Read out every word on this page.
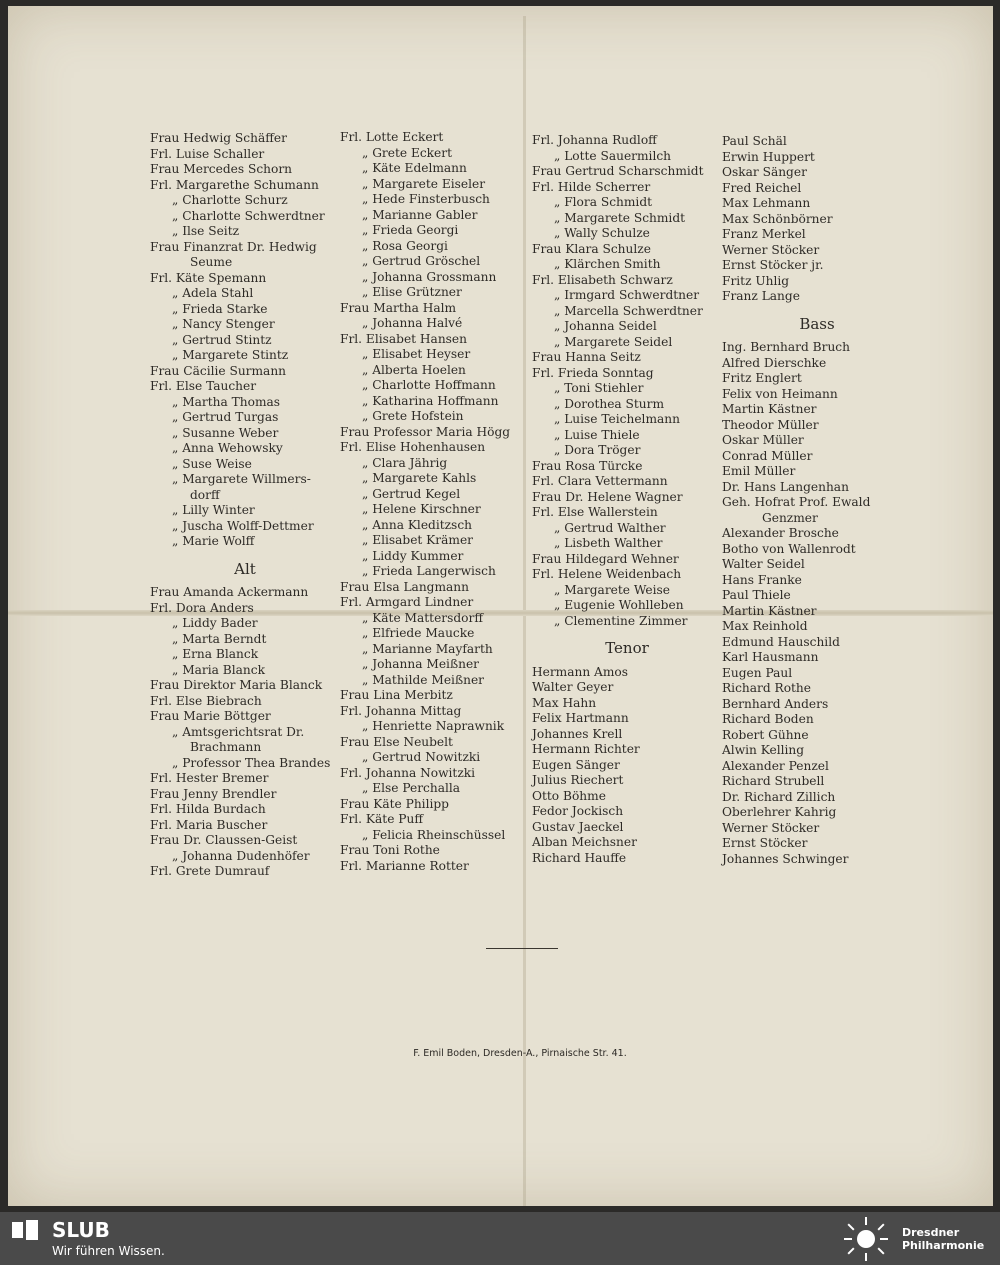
Frau Hedwig Schäffer
Frl. Luise Schaller
Frau Mercedes Schorn
Frl. Margarethe Schumann
„ Charlotte Schurz
„ Charlotte Schwerdtner
„ Ilse Seitz
Frau Finanzrat Dr. Hedwig
Seume
Frl. Käte Spemann
„ Adela Stahl
„ Frieda Starke
„ Nancy Stenger
„ Gertrud Stintz
„ Margarete Stintz
Frau Cäcilie Surmann
Frl. Else Taucher
„ Martha Thomas
„ Gertrud Turgas
„ Susanne Weber
„ Anna Wehowsky
„ Suse Weise
„ Margarete Willmers-
dorff
„ Lilly Winter
„ Juscha Wolff-Dettmer
„ Marie Wolff
Alt
Frau Amanda Ackermann
Frl. Dora Anders
„ Liddy Bader
„ Marta Berndt
„ Erna Blanck
„ Maria Blanck
Frau Direktor Maria Blanck
Frl. Else Biebrach
Frau Marie Böttger
„ Amtsgerichtsrat Dr.
Brachmann
„ Professor Thea Brandes
Frl. Hester Bremer
Frau Jenny Brendler
Frl. Hilda Burdach
Frl. Maria Buscher
Frau Dr. Claussen-Geist
„ Johanna Dudenhöfer
Frl. Grete Dumrauf
Frl. Lotte Eckert
„ Grete Eckert
„ Käte Edelmann
„ Margarete Eiseler
„ Hede Finsterbusch
„ Marianne Gabler
„ Frieda Georgi
„ Rosa Georgi
„ Gertrud Gröschel
„ Johanna Grossmann
„ Elise Grützner
Frau Martha Halm
„ Johanna Halvé
Frl. Elisabet Hansen
„ Elisabet Heyser
„ Alberta Hoelen
„ Charlotte Hoffmann
„ Katharina Hoffmann
„ Grete Hofstein
Frau Professor Maria Högg
Frl. Elise Hohenhausen
„ Clara Jährig
„ Margarete Kahls
„ Gertrud Kegel
„ Helene Kirschner
„ Anna Kleditzsch
„ Elisabet Krämer
„ Liddy Kummer
„ Frieda Langerwisch
Frau Elsa Langmann
Frl. Armgard Lindner
„ Käte Mattersdorff
„ Elfriede Maucke
„ Marianne Mayfarth
„ Johanna Meißner
„ Mathilde Meißner
Frau Lina Merbitz
Frl. Johanna Mittag
„ Henriette Naprawnik
Frau Else Neubelt
„ Gertrud Nowitzki
Frl. Johanna Nowitzki
„ Else Perchalla
Frau Käte Philipp
Frl. Käte Puff
„ Felicia Rheinschüssel
Frau Toni Rothe
Frl. Marianne Rotter
Frl. Johanna Rudloff
„ Lotte Sauermilch
Frau Gertrud Scharschmidt
Frl. Hilde Scherrer
„ Flora Schmidt
„ Margarete Schmidt
„ Wally Schulze
Frau Klara Schulze
„ Klärchen Smith
Frl. Elisabeth Schwarz
„ Irmgard Schwerdtner
„ Marcella Schwerdtner
„ Johanna Seidel
„ Margarete Seidel
Frau Hanna Seitz
Frl. Frieda Sonntag
„ Toni Stiehler
„ Dorothea Sturm
„ Luise Teichelmann
„ Luise Thiele
„ Dora Tröger
Frau Rosa Türcke
Frl. Clara Vettermann
Frau Dr. Helene Wagner
Frl. Else Wallerstein
„ Gertrud Walther
„ Lisbeth Walther
Frau Hildegard Wehner
Frl. Helene Weidenbach
„ Margarete Weise
„ Eugenie Wohlleben
„ Clementine Zimmer
Tenor
Hermann Amos
Walter Geyer
Max Hahn
Felix Hartmann
Johannes Krell
Hermann Richter
Eugen Sänger
Julius Riechert
Otto Böhme
Fedor Jockisch
Gustav Jaeckel
Alban Meichsner
Richard Hauffe
Paul Schäl
Erwin Huppert
Oskar Sänger
Fred Reichel
Max Lehmann
Max Schönbörner
Franz Merkel
Werner Stöcker
Ernst Stöcker jr.
Fritz Uhlig
Franz Lange
Bass
Ing. Bernhard Bruch
Alfred Dierschke
Fritz Englert
Felix von Heimann
Martin Kästner
Theodor Müller
Oskar Müller
Conrad Müller
Emil Müller
Dr. Hans Langenhan
Geh. Hofrat Prof. Ewald
Genzmer
Alexander Brosche
Botho von Wallenrodt
Walter Seidel
Hans Franke
Paul Thiele
Martin Kästner
Max Reinhold
Edmund Hauschild
Karl Hausmann
Eugen Paul
Richard Rothe
Bernhard Anders
Richard Boden
Robert Gühne
Alwin Kelling
Alexander Penzel
Richard Strubell
Dr. Richard Zillich
Oberlehrer Kahrig
Werner Stöcker
Ernst Stöcker
Johannes Schwinger
F. Emil Boden, Dresden-A., Pirnaische Str. 41.
SLUB
Wir führen Wissen.
Dresdner
Philharmonie
